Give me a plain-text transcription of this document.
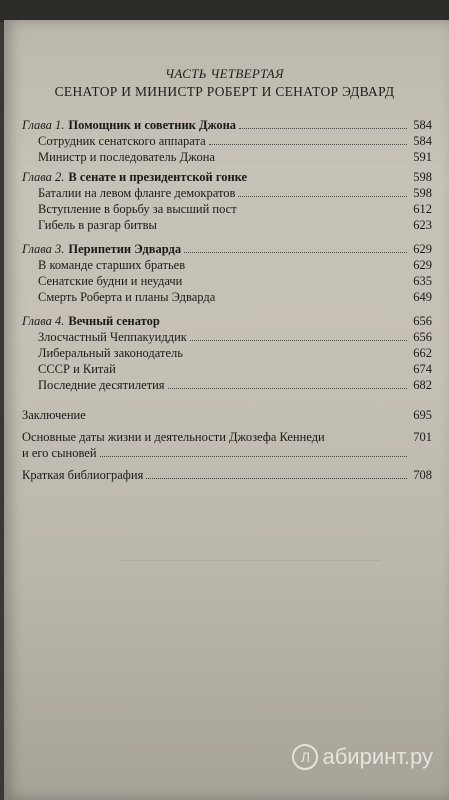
ЧАСТЬ ЧЕТВЕРТАЯ
СЕНАТОР И МИНИСТР РОБЕРТ И СЕНАТОР ЭДВАРД
Глава 1. Помощник и советник Джона	584
Сотрудник сенатского аппарата	584
Министр и последователь Джона	591
Глава 2. В сенате и президентской гонке	598
Баталии на левом фланге демократов	598
Вступление в борьбу за высший пост	612
Гибель в разгар битвы	623
Глава 3. Перипетии Эдварда	629
В команде старших братьев	629
Сенатские будни и неудачи	635
Смерть Роберта и планы Эдварда	649
Глава 4. Вечный сенатор	656
Злосчастный Чеппакуиддик	656
Либеральный законодатель	662
СССР и Китай	674
Последние десятилетия	682
Заключение	695
Основные даты жизни и деятельности Джозефа Кеннеди	701
и его сыновей
Краткая библиография	708
Л абиринт.ру
